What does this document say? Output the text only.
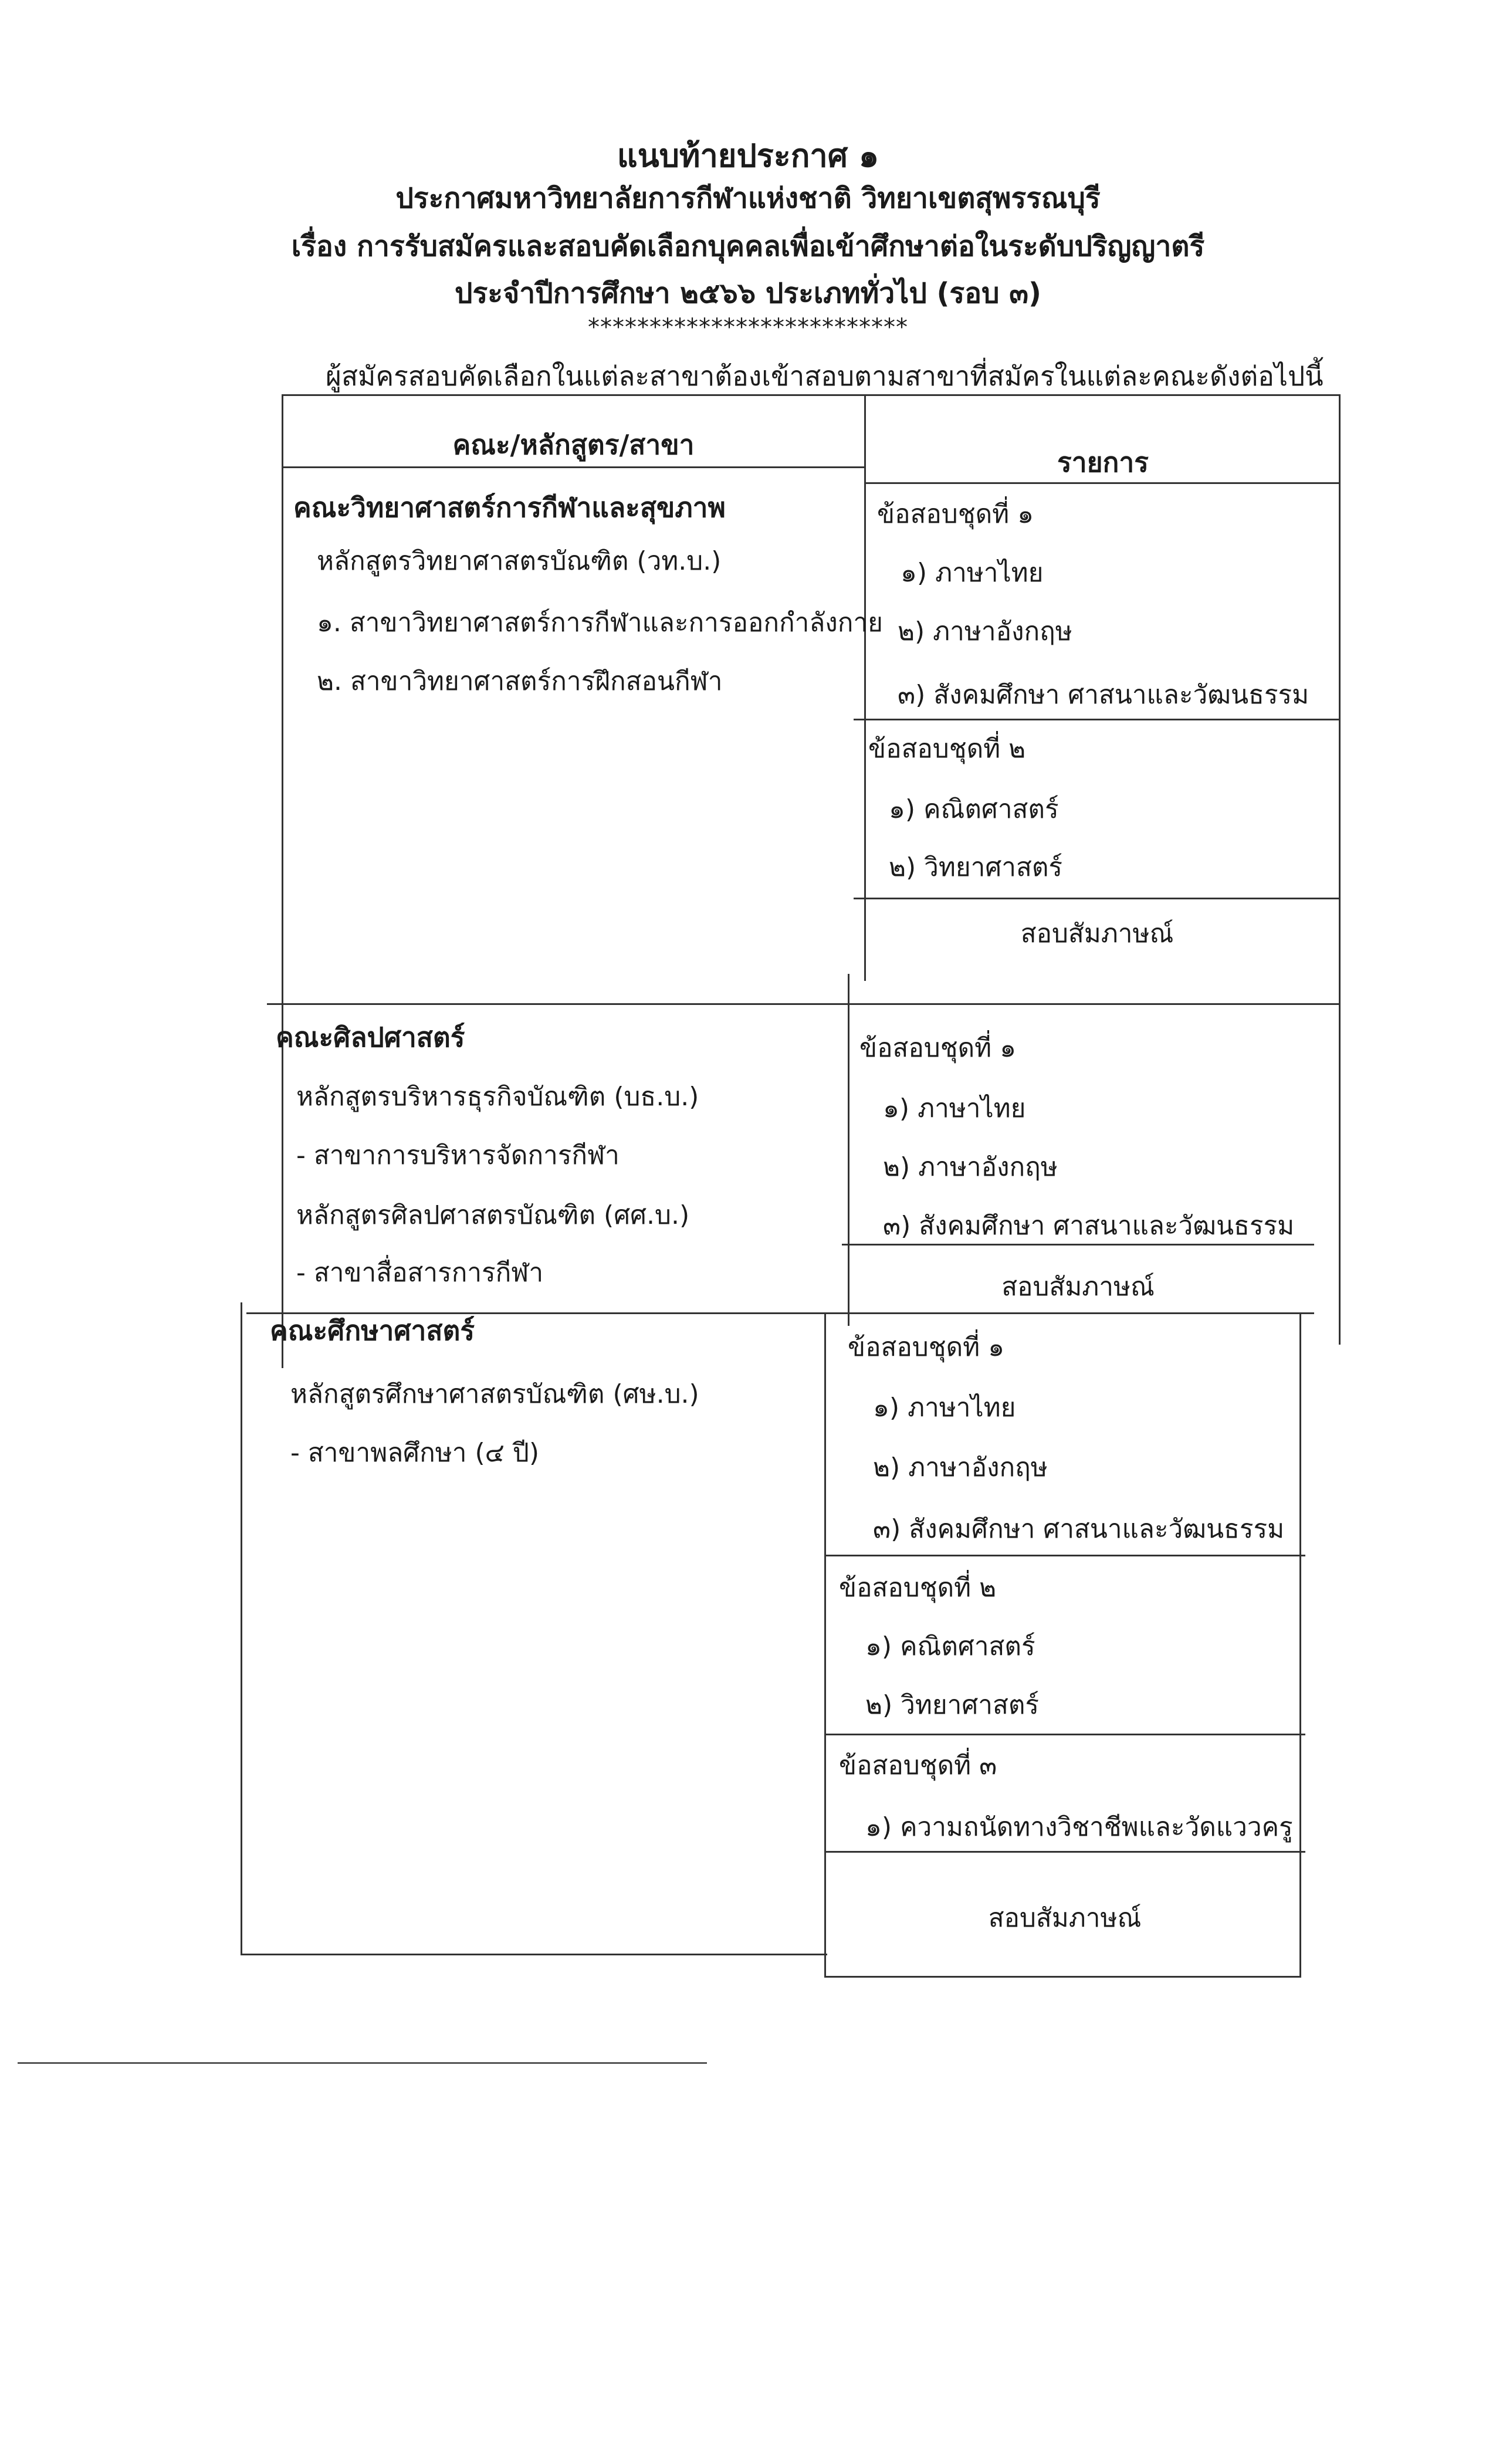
แนบท้ายประกาศ ๑
ประกาศมหาวิทยาลัยการกีฬาแห่งชาติ วิทยาเขตสุพรรณบุรี
เรื่อง การรับสมัครและสอบคัดเลือกบุคคลเพื่อเข้าศึกษาต่อในระดับปริญญาตรี
ประจำปีการศึกษา ๒๕๖๖ ประเภททั่วไป (รอบ ๓)
**************************
ผู้สมัครสอบคัดเลือกในแต่ละสาขาต้องเข้าสอบตามสาขาที่สมัครในแต่ละคณะดังต่อไปนี้
คณะ/หลักสูตร/สาขา
รายการ
คณะวิทยาศาสตร์การกีฬาและสุขภาพ
หลักสูตรวิทยาศาสตรบัณฑิต (วท.บ.)
๑. สาขาวิทยาศาสตร์การกีฬาและการออกกำลังกาย
๒. สาขาวิทยาศาสตร์การฝึกสอนกีฬา
ข้อสอบชุดที่ ๑
๑) ภาษาไทย
๒) ภาษาอังกฤษ
๓) สังคมศึกษา ศาสนาและวัฒนธรรม
ข้อสอบชุดที่ ๒
๑) คณิตศาสตร์
๒) วิทยาศาสตร์
สอบสัมภาษณ์
คณะศิลปศาสตร์
หลักสูตรบริหารธุรกิจบัณฑิต (บธ.บ.)
- สาขาการบริหารจัดการกีฬา
หลักสูตรศิลปศาสตรบัณฑิต (ศศ.บ.)
- สาขาสื่อสารการกีฬา
ข้อสอบชุดที่ ๑
๑) ภาษาไทย
๒) ภาษาอังกฤษ
๓) สังคมศึกษา ศาสนาและวัฒนธรรม
สอบสัมภาษณ์
คณะศึกษาศาสตร์
หลักสูตรศึกษาศาสตรบัณฑิต (ศษ.บ.)
- สาขาพลศึกษา (๔ ปี)
ข้อสอบชุดที่ ๑
๑) ภาษาไทย
๒) ภาษาอังกฤษ
๓) สังคมศึกษา ศาสนาและวัฒนธรรม
ข้อสอบชุดที่ ๒
๑) คณิตศาสตร์
๒) วิทยาศาสตร์
ข้อสอบชุดที่ ๓
๑) ความถนัดทางวิชาชีพและวัดแววครู
สอบสัมภาษณ์
